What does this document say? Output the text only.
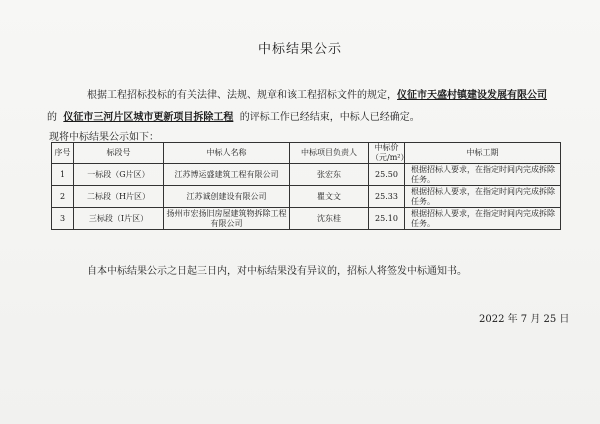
中标结果公示
根据工程招标投标的有关法律、法规、规章和该工程招标文件的规定，仪征市天盛村镇建设发展有限公司
的 仪征市三河片区城市更新项目拆除工程 的评标工作已经结束，中标人已经确定。
现将中标结果公示如下：
序号	标段号	中标人名称	中标项目负责人	中标价（元/m²）	中标工期
1	一标段（G片区）	江苏博运盛建筑工程有限公司	张宏东	25.50	根据招标人要求，在指定时间内完成拆除任务。
2	二标段（H片区）	江苏诚创建设有限公司	瞿文文	25.33	根据招标人要求，在指定时间内完成拆除任务。
3	三标段（I片区）	扬州市宏扬旧房屋建筑物拆除工程有限公司	沈东桂	25.10	根据招标人要求，在指定时间内完成拆除任务。
自本中标结果公示之日起三日内，对中标结果没有异议的，招标人将签发中标通知书。
2022 年 7 月 25 日
